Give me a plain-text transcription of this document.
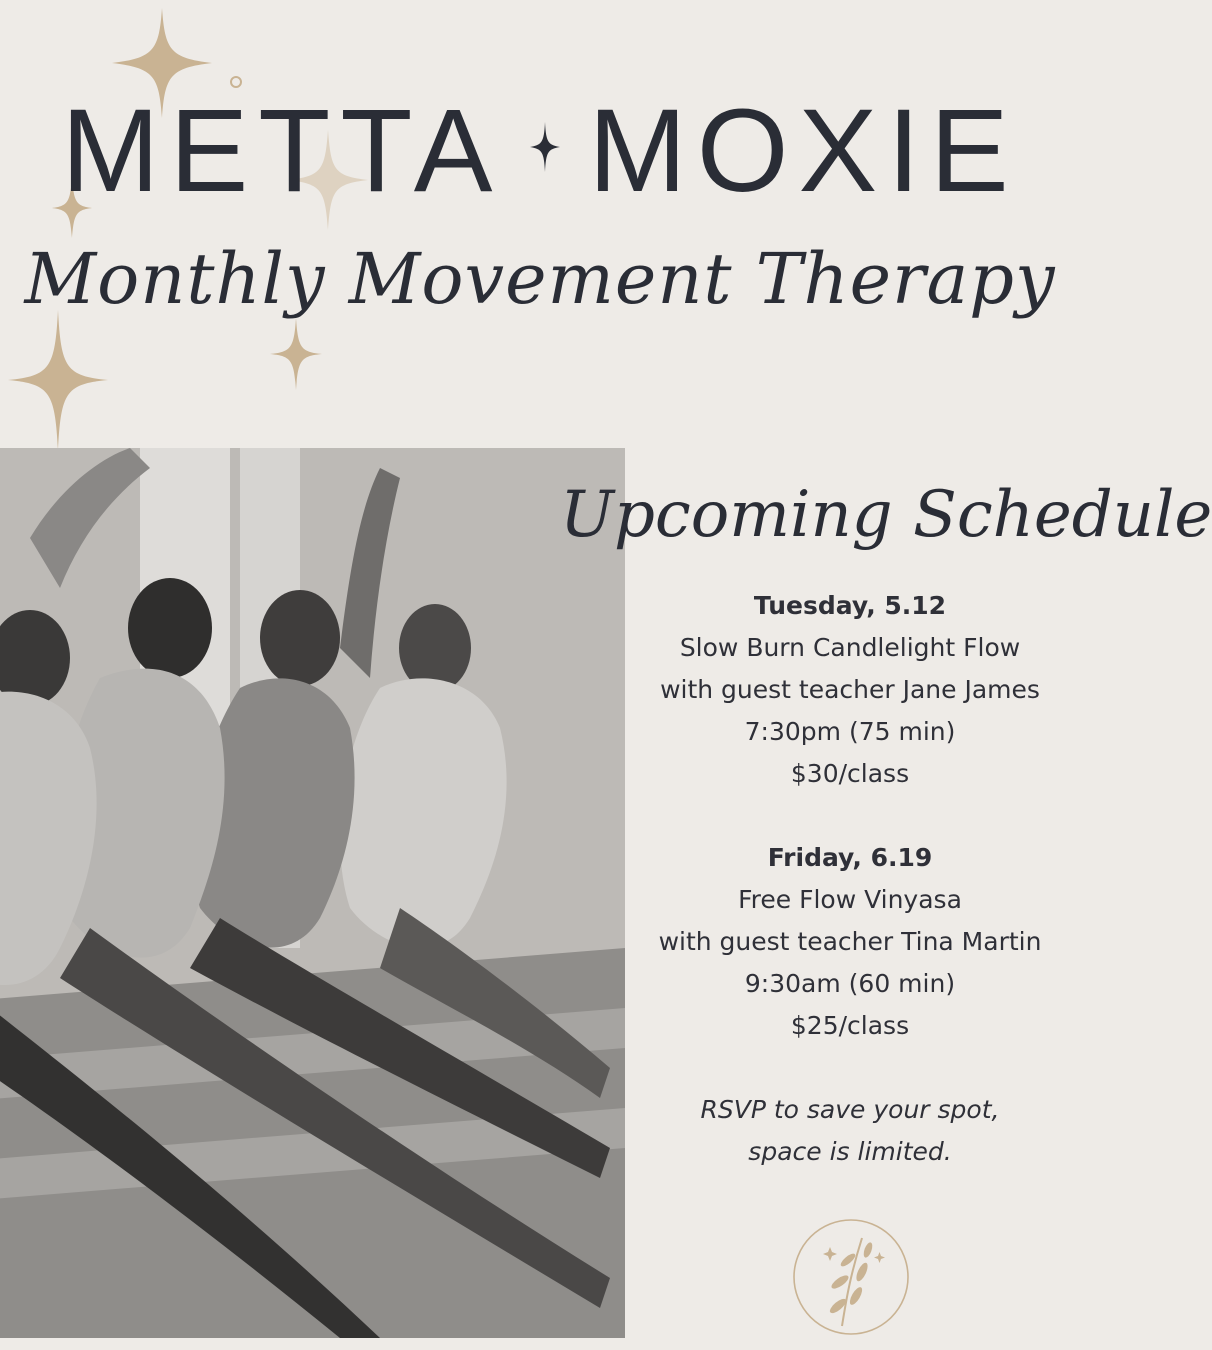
METTA MOXIE
Monthly Movement Therapy
Upcoming Schedule
Tuesday, 5.12
Slow Burn Candlelight Flow
with guest teacher Jane James
7:30pm (75 min)
$30/class
Friday, 6.19
Free Flow Vinyasa
with guest teacher Tina Martin
9:30am (60 min)
$25/class
RSVP to save your spot,
space is limited.
